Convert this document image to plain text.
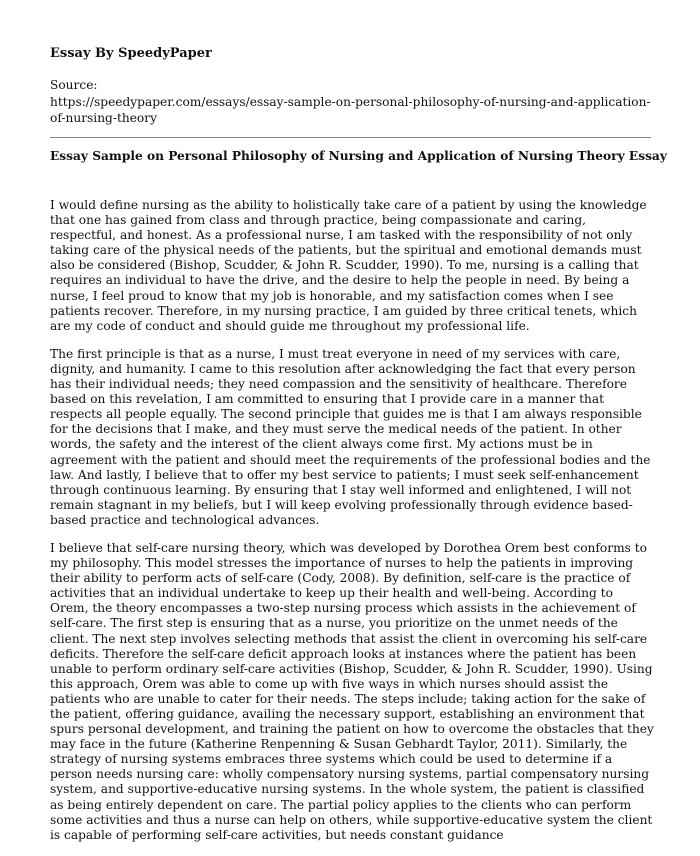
Essay By SpeedyPaper
Source:
https://speedypaper.com/essays/essay-sample-on-personal-philosophy-of-nursing-and-application-of-nursing-theory
Essay Sample on Personal Philosophy of Nursing and Application of Nursing Theory Essay

I would define nursing as the ability to holistically take care of a patient by using the knowledge that one has gained from class and through practice, being compassionate and caring, respectful, and honest. As a professional nurse, I am tasked with the responsibility of not only taking care of the physical needs of the patients, but the spiritual and emotional demands must also be considered (Bishop, Scudder, & John R. Scudder, 1990). To me, nursing is a calling that requires an individual to have the drive, and the desire to help the people in need. By being a nurse, I feel proud to know that my job is honorable, and my satisfaction comes when I see patients recover. Therefore, in my nursing practice, I am guided by three critical tenets, which are my code of conduct and should guide me throughout my professional life.

The first principle is that as a nurse, I must treat everyone in need of my services with care, dignity, and humanity. I came to this resolution after acknowledging the fact that every person has their individual needs; they need compassion and the sensitivity of healthcare. Therefore based on this revelation, I am committed to ensuring that I provide care in a manner that respects all people equally. The second principle that guides me is that I am always responsible for the decisions that I make, and they must serve the medical needs of the patient. In other words, the safety and the interest of the client always come first. My actions must be in agreement with the patient and should meet the requirements of the professional bodies and the law. And lastly, I believe that to offer my best service to patients; I must seek self-enhancement through continuous learning. By ensuring that I stay well informed and enlightened, I will not remain stagnant in my beliefs, but I will keep evolving professionally through evidence based-based practice and technological advances.

I believe that self-care nursing theory, which was developed by Dorothea Orem best conforms to my philosophy. This model stresses the importance of nurses to help the patients in improving their ability to perform acts of self-care (Cody, 2008). By definition, self-care is the practice of activities that an individual undertake to keep up their health and well-being. According to Orem, the theory encompasses a two-step nursing process which assists in the achievement of self-care. The first step is ensuring that as a nurse, you prioritize on the unmet needs of the client. The next step involves selecting methods that assist the client in overcoming his self-care deficits. Therefore the self-care deficit approach looks at instances where the patient has been unable to perform ordinary self-care activities (Bishop, Scudder, & John R. Scudder, 1990). Using this approach, Orem was able to come up with five ways in which nurses should assist the patients who are unable to cater for their needs. The steps include; taking action for the sake of the patient, offering guidance, availing the necessary support, establishing an environment that spurs personal development, and training the patient on how to overcome the obstacles that they may face in the future (Katherine Renpenning & Susan Gebhardt Taylor, 2011). Similarly, the strategy of nursing systems embraces three systems which could be used to determine if a person needs nursing care: wholly compensatory nursing systems, partial compensatory nursing system, and supportive-educative nursing systems. In the whole system, the patient is classified as being entirely dependent on care. The partial policy applies to the clients who can perform some activities and thus a nurse can help on others, while supportive-educative system the client is capable of performing self-care activities, but needs constant guidance
